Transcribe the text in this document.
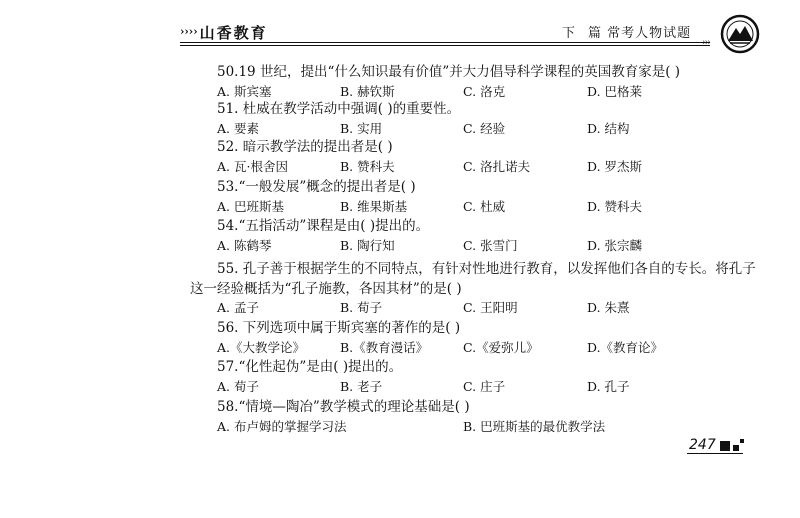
›››› 山香教育	下 篇 常考人物试题
›››
50.19 世纪，提出“什么知识最有价值”并大力倡导科学课程的英国教育家是( )
A. 斯宾塞	B. 赫钦斯	C. 洛克	D. 巴格莱
51. 杜威在教学活动中强调( )的重要性。
A. 要素	B. 实用	C. 经验	D. 结构
52. 暗示教学法的提出者是( )
A. 瓦·根舍因	B. 赞科夫	C. 洛扎诺夫	D. 罗杰斯
53.“一般发展”概念的提出者是( )
A. 巴班斯基	B. 维果斯基	C. 杜威	D. 赞科夫
54.“五指活动”课程是由( )提出的。
A. 陈鹤琴	B. 陶行知	C. 张雪门	D. 张宗麟
55. 孔子善于根据学生的不同特点，有针对性地进行教育，以发挥他们各自的专长。将孔子
这一经验概括为“孔子施教，各因其材”的是( )
A. 孟子	B. 荀子	C. 王阳明	D. 朱熹
56. 下列选项中属于斯宾塞的著作的是( )
A.《大教学论》	B.《教育漫话》	C.《爱弥儿》	D.《教育论》
57.“化性起伪”是由( )提出的。
A. 荀子	B. 老子	C. 庄子	D. 孔子
58.“情境—陶冶”教学模式的理论基础是( )
A. 布卢姆的掌握学习法	B. 巴班斯基的最优教学法
247
